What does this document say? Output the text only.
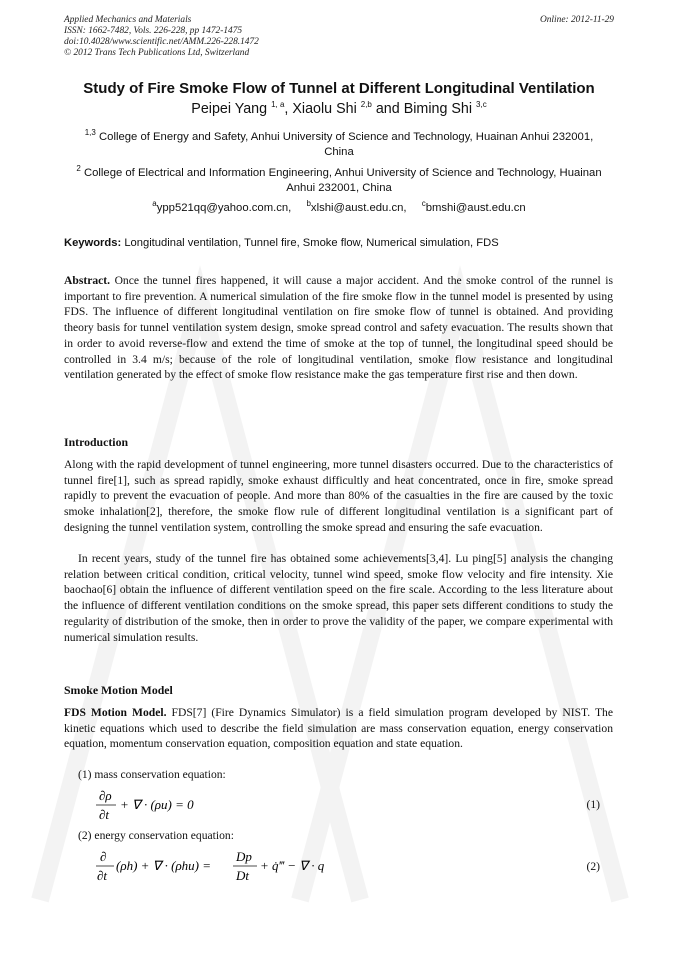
Applied Mechanics and Materials
ISSN: 1662-7482, Vols. 226-228, pp 1472-1475
doi:10.4028/www.scientific.net/AMM.226-228.1472
© 2012 Trans Tech Publications Ltd, Switzerland
Online: 2012-11-29
Study of Fire Smoke Flow of Tunnel at Different Longitudinal Ventilation
Peipei Yang $^{1, a}$, Xiaolu Shi $^{2,b}$ and Biming Shi $^{3,c}$
$^{1,3}$ College of Energy and Safety, Anhui University of Science and Technology, Huainan Anhui 232001, China
$^2$ College of Electrical and Information Engineering, Anhui University of Science and Technology, Huainan Anhui 232001, China
$^a$ypp521qq@yahoo.com.cn, $^b$xlshi@aust.edu.cn, $^c$bmshi@aust.edu.cn
Keywords: Longitudinal ventilation, Tunnel fire, Smoke flow, Numerical simulation, FDS
Abstract. Once the tunnel fires happened, it will cause a major accident. And the smoke control of the runnel is important to fire prevention. A numerical simulation of the fire smoke flow in the tunnel model is presented by using FDS. The influence of different longitudinal ventilation on fire smoke flow of tunnel is obtained. And providing theory basis for tunnel ventilation system design, smoke spread control and safety evacuation. The results shown that in order to avoid reverse-flow and extend the time of smoke at the top of tunnel, the longitudinal speed should be controlled in 3.4 m/s; because of the role of longitudinal ventilation, smoke flow resistance and longitudinal ventilation generated by the effect of smoke flow resistance make the gas temperature first rise and then down.
Introduction
Along with the rapid development of tunnel engineering, more tunnel disasters occurred. Due to the characteristics of tunnel fire[1], such as spread rapidly, smoke exhaust difficultly and heat concentrated, once in fire, smoke spread rapidly to prevent the evacuation of people. And more than 80% of the casualties in the fire are caused by the toxic smoke inhalation[2], therefore, the smoke flow rule of different longitudinal ventilation is a significant part of designing the tunnel ventilation system, controlling the smoke spread and ensuring the safe evacuation.
In recent years, study of the tunnel fire has obtained some achievements[3,4]. Lu ping[5] analysis the changing relation between critical condition, critical velocity, tunnel wind speed, smoke flow velocity and fire intensity. Xie baochao[6] obtain the influence of different ventilation speed on the fire scale. According to the less literature about the influence of different ventilation conditions on the smoke spread, this paper sets different conditions to study the regularity of distribution of the smoke, then in order to prove the validity of the paper, we compare experimental with numerical simulation results.
Smoke Motion Model
FDS Motion Model. FDS[7] (Fire Dynamics Simulator) is a field simulation program developed by NIST. The kinetic equations which used to describe the field simulation are mass conservation equation, energy conservation equation, momentum conservation equation, composition equation and state equation.
(1) mass conservation equation:
∂ρ
∂t
+ ∇ · (ρu) = 0	(1)
(2) energy conservation equation:
∂
∂t
(ρh) + ∇ · (ρhu) =
Dp
Dt
+ q̇‴ − ∇ · q	(2)
